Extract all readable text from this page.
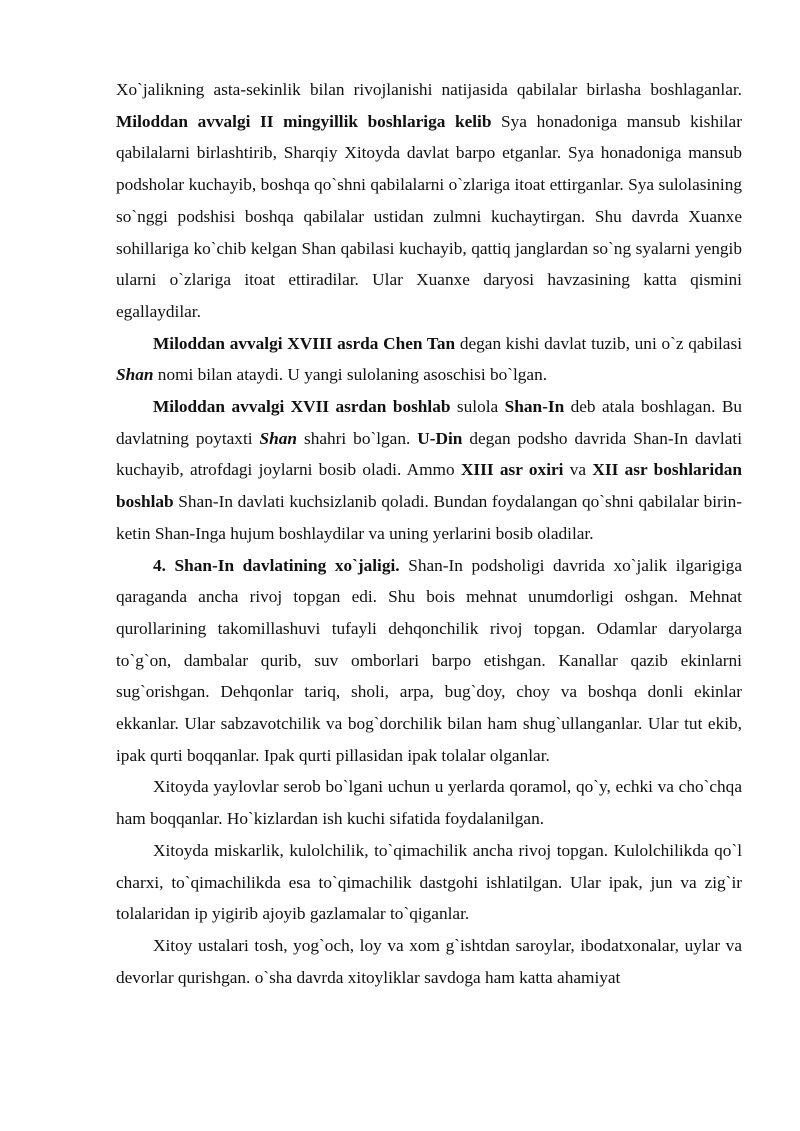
Xo`jalikning asta-sekinlik bilan rivojlanishi natijasida qabilalar birlasha boshlaganlar. Miloddan avvalgi II mingyillik boshlariga kelib Sya honadoniga mansub kishilar qabilalarni birlashtirib, Sharqiy Xitoyda davlat barpo etganlar. Sya honadoniga mansub podsholar kuchayib, boshqa qo`shni qabilalarni o`zlariga itoat ettirganlar. Sya sulolasining so`nggi podshisi boshqa qabilalar ustidan zulmni kuchaytirgan. Shu davrda Xuanxe sohillariga ko`chib kelgan Shan qabilasi kuchayib, qattiq janglardan so`ng syalarni yengib ularni o`zlariga itoat ettiradilar. Ular Xuanxe daryosi havzasining katta qismini egallaydilar.

Miloddan avvalgi XVIII asrda Chen Tan degan kishi davlat tuzib, uni o`z qabilasi Shan nomi bilan ataydi. U yangi sulolaning asoschisi bo`lgan.

Miloddan avvalgi XVII asrdan boshlab sulola Shan-In deb atala boshlagan. Bu davlatning poytaxti Shan shahri bo`lgan. U-Din degan podsho davrida Shan-In davlati kuchayib, atrofdagi joylarni bosib oladi. Ammo XIII asr oxiri va XII asr boshlaridan boshlab Shan-In davlati kuchsizlanib qoladi. Bundan foydalangan qo`shni qabilalar birin-ketin Shan-Inga hujum boshlaydilar va uning yerlarini bosib oladilar.

4. Shan-In davlatining xo`jaligi. Shan-In podsholigi davrida xo`jalik ilgarigiga qaraganda ancha rivoj topgan edi. Shu bois mehnat unumdorligi oshgan. Mehnat qurollarining takomillashuvi tufayli dehqonchilik rivoj topgan. Odamlar daryolarga to`g`on, dambalar qurib, suv omborlari barpo etishgan. Kanallar qazib ekinlarni sug`orishgan. Dehqonlar tariq, sholi, arpa, bug`doy, choy va boshqa donli ekinlar ekkanlar. Ular sabzavotchilik va bog`dorchilik bilan ham shug`ullanganlar. Ular tut ekib, ipak qurti boqqanlar. Ipak qurti pillasidan ipak tolalar olganlar.

Xitoyda yaylovlar serob bo`lgani uchun u yerlarda qoramol, qo`y, echki va cho`chqa ham boqqanlar. Ho`kizlardan ish kuchi sifatida foydalanilgan.

Xitoyda miskarlik, kulolchilik, to`qimachilik ancha rivoj topgan. Kulolchilikda qo`l charxi, to`qimachilikda esa to`qimachilik dastgohi ishlatilgan. Ular ipak, jun va zig`ir tolalaridan ip yigirib ajoyib gazlamalar to`qiganlar.

Xitoy ustalari tosh, yog`och, loy va xom g`ishtdan saroylar, ibodatxonalar, uylar va devorlar qurishgan. o`sha davrda xitoyliklar savdoga ham katta ahamiyat
